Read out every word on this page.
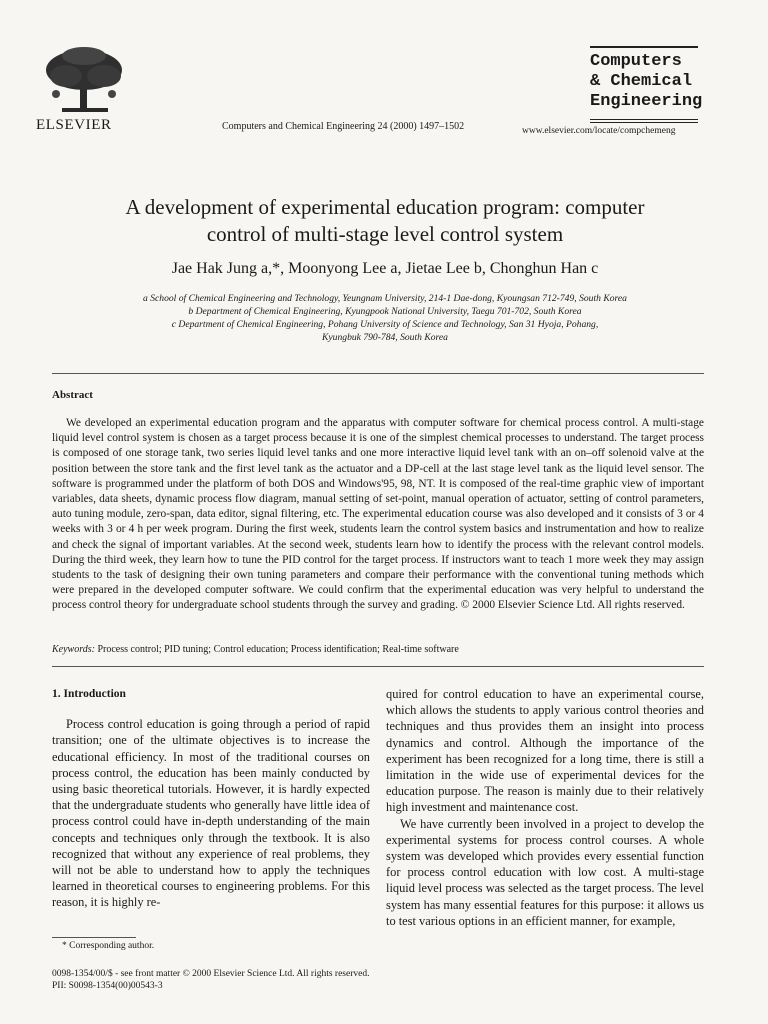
ELSEVIER	Computers and Chemical Engineering 24 (2000) 1497–1502
Computers
& Chemical
Engineering
www.elsevier.com/locate/compchemeng
A development of experimental education program: computer
control of multi-stage level control system
Jae Hak Jung a,*, Moonyong Lee a, Jietae Lee b, Chonghun Han c
a School of Chemical Engineering and Technology, Yeungnam University, 214-1 Dae-dong, Kyoungsan 712-749, South Korea
b Department of Chemical Engineering, Kyungpook National University, Taegu 701-702, South Korea
c Department of Chemical Engineering, Pohang University of Science and Technology, San 31 Hyoja, Pohang,
Kyungbuk 790-784, South Korea
Abstract
We developed an experimental education program and the apparatus with computer software for chemical process control. A multi-stage liquid level control system is chosen as a target process because it is one of the simplest chemical processes to understand. The target process is composed of one storage tank, two series liquid level tanks and one more interactive liquid level tank with an on–off solenoid valve at the position between the store tank and the first level tank as the actuator and a DP-cell at the last stage level tank as the liquid level sensor. The software is programmed under the platform of both DOS and Windows'95, 98, NT. It is composed of the real-time graphic view of important variables, data sheets, dynamic process flow diagram, manual setting of set-point, manual operation of actuator, setting of control parameters, auto tuning module, zero-span, data editor, signal filtering, etc. The experimental education course was also developed and it consists of 3 or 4 weeks with 3 or 4 h per week program. During the first week, students learn the control system basics and instrumentation and how to realize and check the signal of important variables. At the second week, students learn how to identify the process with the relevant control models. During the third week, they learn how to tune the PID control for the target process. If instructors want to teach 1 more week they may assign students to the task of designing their own tuning parameters and compare their performance with the conventional tuning methods which were prepared in the developed computer software. We could confirm that the experimental education was very helpful to understand the process control theory for undergraduate school students through the survey and grading. © 2000 Elsevier Science Ltd. All rights reserved.
Keywords: Process control; PID tuning; Control education; Process identification; Real-time software
1. Introduction

Process control education is going through a period of rapid transition; one of the ultimate objectives is to increase the educational efficiency. In most of the traditional courses on process control, the education has been mainly conducted by using basic theoretical tutorials. However, it is hardly expected that the undergraduate students who generally have little idea of process control could have in-depth understanding of the main concepts and techniques only through the textbook. It is also recognized that without any experience of real problems, they will not be able to understand how to apply the techniques learned in theoretical courses to engineering problems. For this reason, it is highly re-

quired for control education to have an experimental course, which allows the students to apply various control theories and techniques and thus provides them an insight into process dynamics and control. Although the importance of the experiment has been recognized for a long time, there is still a limitation in the wide use of experimental devices for the education purpose. The reason is mainly due to their relatively high investment and maintenance cost.

We have currently been involved in a project to develop the experimental systems for process control courses. A whole system was developed which provides every essential function for process control education with low cost. A multi-stage liquid level process was selected as the target process. The level system has many essential features for this purpose: it allows us to test various options in an efficient manner, for example,

* Corresponding author.
0098-1354/00/$ - see front matter © 2000 Elsevier Science Ltd. All rights reserved.
PII: S0098-1354(00)00543-3
